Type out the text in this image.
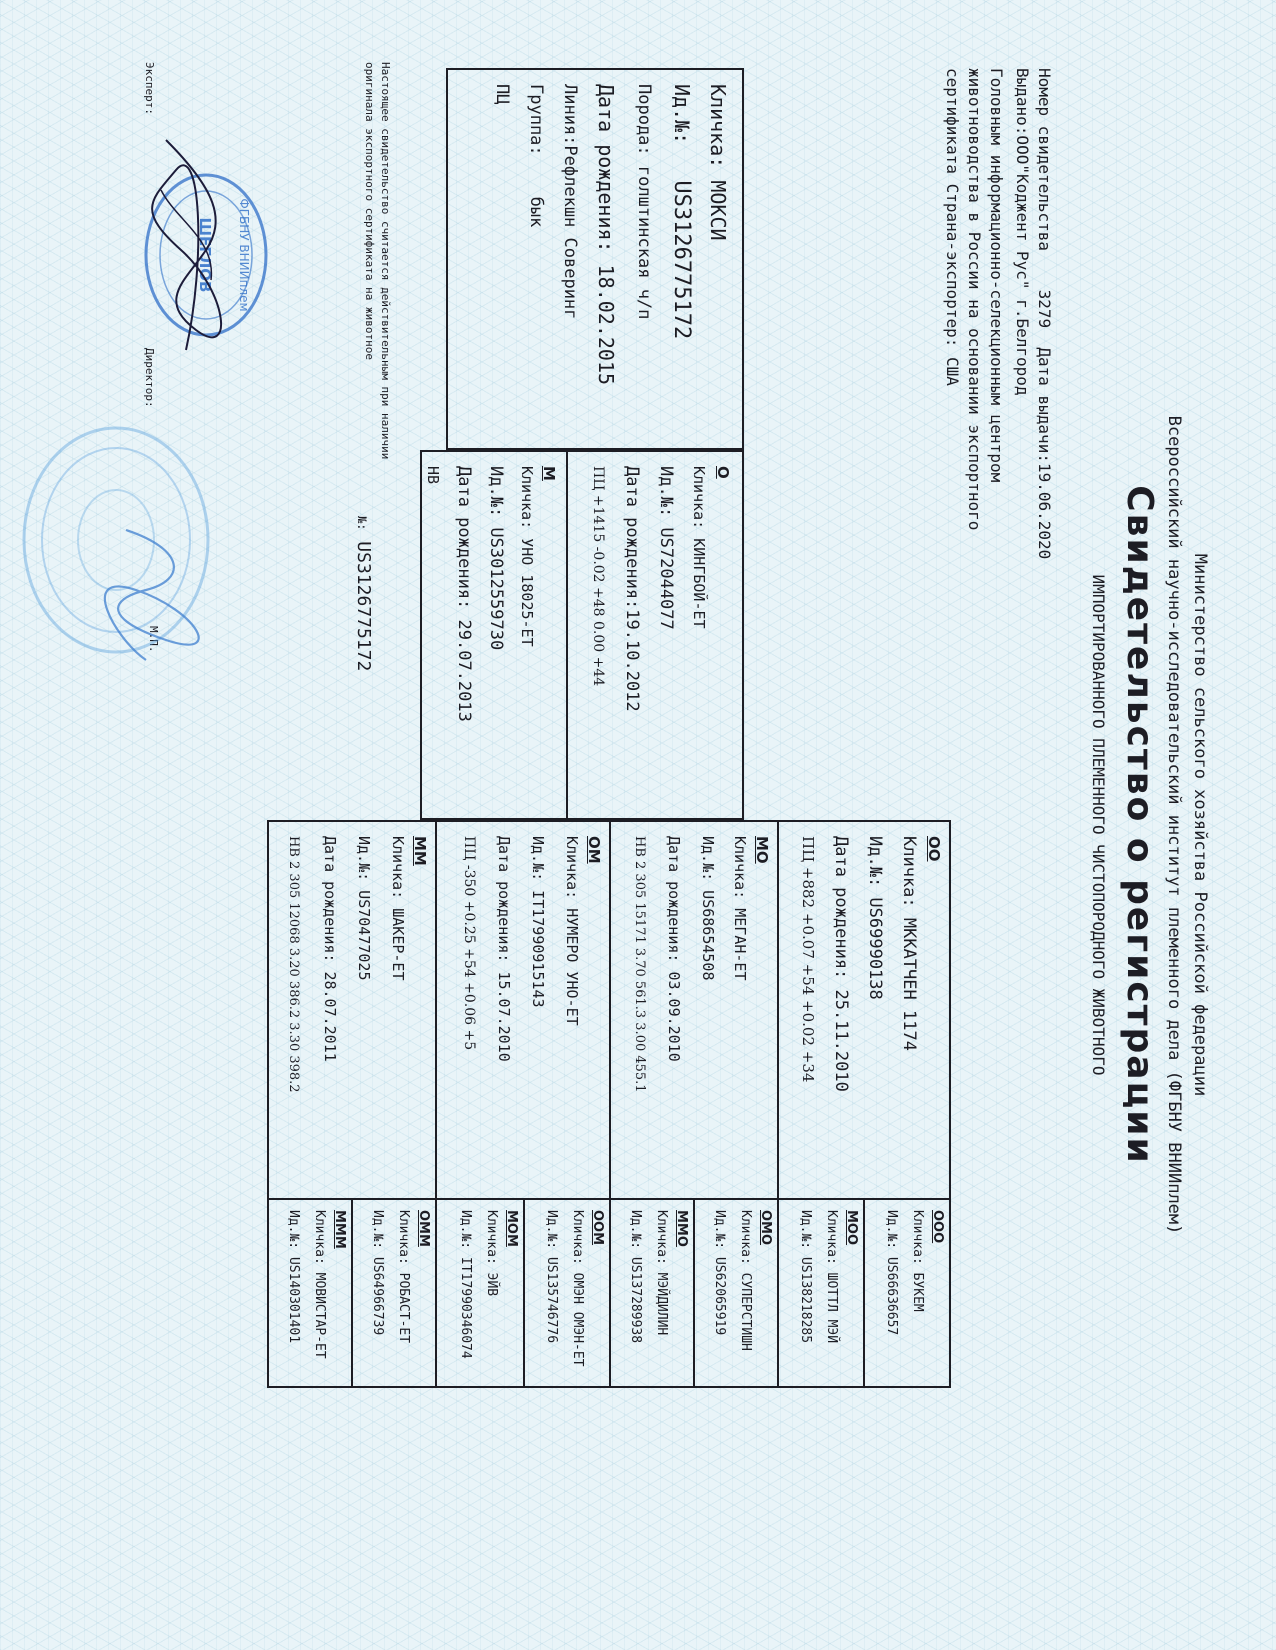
Министерство сельского хозяйства Российской федерации
Всероссийский научно-исследовательский институт племенного дела (ФГБНУ ВНИИплем)
Свидетельство о регистрации
ИМПОРТИРОВАННОГО ПЛЕМЕННОГО ЧИСТОПОРОДНОГО ЖИВОТНОГО
Номер свидетельства    3279  Дата выдачи:19.06.2020
Выдано:ООО"Коджент Рус" г.Белгород
Головным информационно-селекционным центром
животноводства в России на основании экспортного
сертификата Страна-экспортер: США
Кличка: МОКСИ
Ид.№:   US3126775172
Порода: голштинская ч/п
Дата рождения: 18.02.2015
Линия:Рефлекшн Соверинг
Группа:    бык
ПЦ
О
Кличка: КИНГБОЙ-ЕТ
Ид.№: US72044077
Дата рождения:19.10.2012
ПЦ +1415 -0.02 +48 0.00 +44
М
Кличка: УНО 18025-ЕТ
Ид.№: US3012559730
Дата рождения: 29.07.2013
НВ
ОО
Кличка: МККАТЧЕН 1174
Ид.№: US69990138
Дата рождения: 25.11.2010
ПЦ +882 +0.07 +54 +0.02 +34
МО
Кличка: МЕГАН-ЕТ
Ид.№: US68654508
Дата рождения: 03.09.2010
НВ 2 305 15171 3.70 561.3 3.00 455.1
ОМ
Кличка: НУМЕРО УНО-ЕТ
Ид.№: IT17990915143
Дата рождения: 15.07.2010
ПЦ -350 +0.25 +54 +0.06 +5
ММ
Кличка: ШАКЕР-ЕТ
Ид.№: US70477025
Дата рождения: 28.07.2011
НВ 2 305 12068 3.20 386.2 3.30 398.2
ООО
Кличка: БУКЕМ
Ид.№: US66636657
МОО
Кличка: ШОТТЛ МЭЙ
Ид.№: US138218285
ОМО
Кличка: СУПЕРСТИШН
Ид.№: US62065919
ММО
Кличка: МЭЙДИЛИН
Ид.№: US137289938
ООМ
Кличка: ОМЭН ОМЭН-ЕТ
Ид.№: US135746776
МОМ
Кличка: ЭЙВ
Ид.№: IT17990346074
ОММ
Кличка: РОБАСТ-ЕТ
Ид.№: US64966739
МММ
Кличка: МОВИСТАР-ЕТ
Ид.№: US140301401
Настоящее свидетельство считается действительным при наличии
оригинала экспортного сертификата на животное
№: US3126775172
Эксперт:
Директор:
М.П.
ФГБНУ ВНИИплем
ШЕГЛОВ
